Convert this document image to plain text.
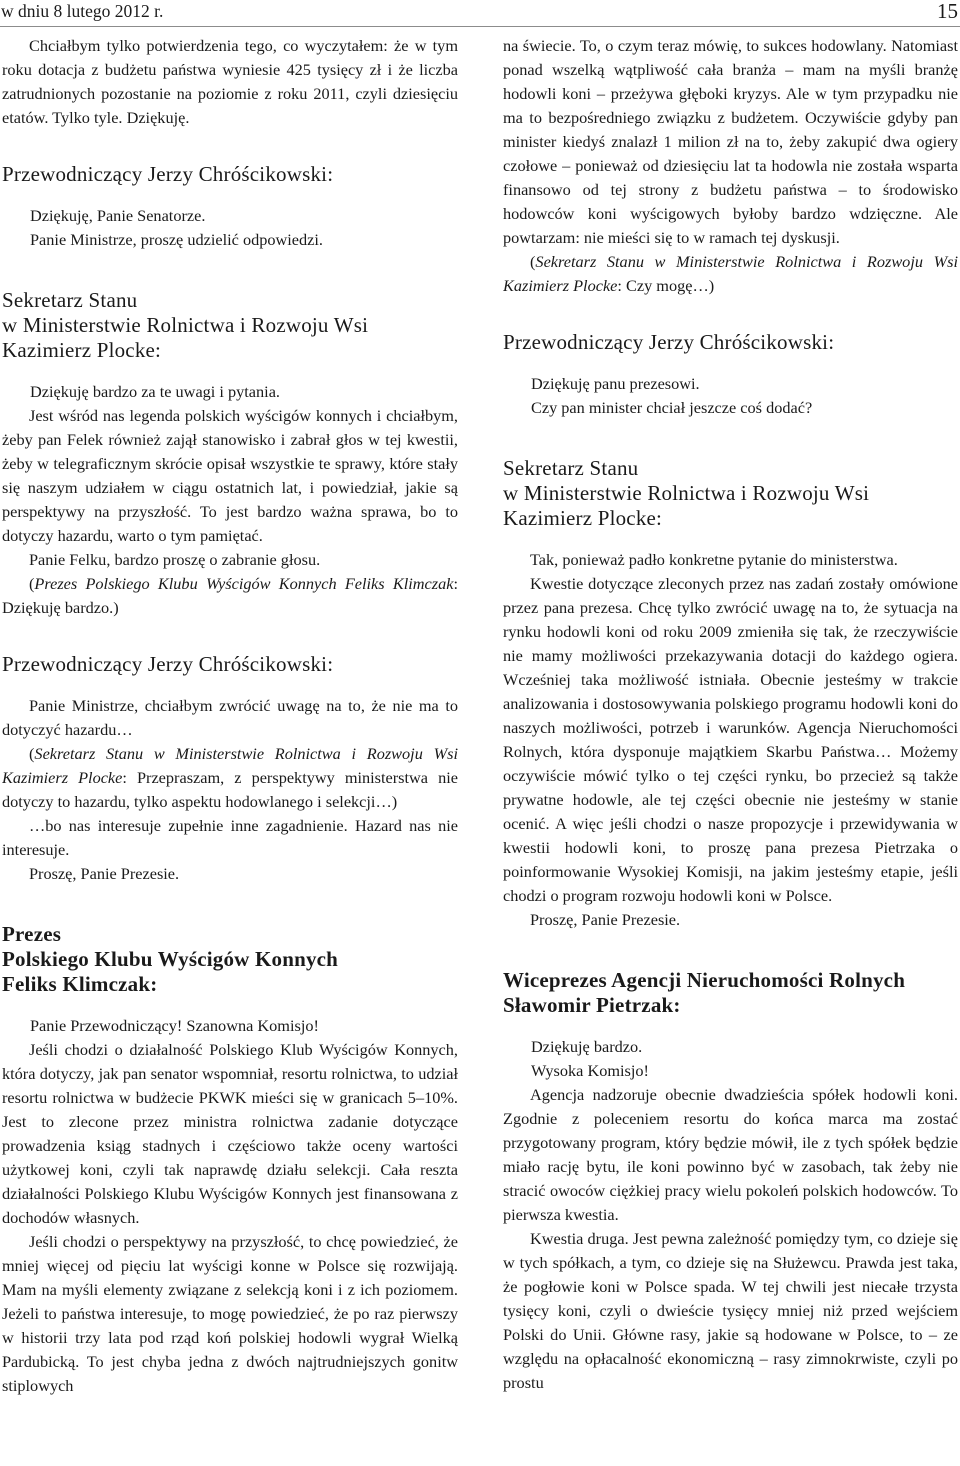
w dniu 8 lutego 2012 r.	15

Chciałbym tylko potwierdzenia tego, co wyczytałem: że w tym roku dotacja z budżetu państwa wyniesie 425 tysięcy zł i że liczba zatrudnionych pozostanie na poziomie z roku 2011, czyli dziesięciu etatów. Tylko tyle. Dziękuję.

Przewodniczący Jerzy Chróścikowski:

Dziękuję, Panie Senatorze.

Panie Ministrze, proszę udzielić odpowiedzi.

Sekretarz Stanu

w Ministerstwie Rolnictwa i Rozwoju Wsi

Kazimierz Plocke:

Dziękuję bardzo za te uwagi i pytania.

Jest wśród nas legenda polskich wyścigów konnych i chciałbym, żeby pan Felek również zajął stanowisko i zabrał głos w tej kwestii, żeby w telegraficznym skrócie opisał wszystkie te sprawy, które stały się naszym udziałem w ciągu ostatnich lat, i powiedział, jakie są perspektywy na przyszłość. To jest bardzo ważna sprawa, bo to dotyczy hazardu, warto o tym pamiętać.

Panie Felku, bardzo proszę o zabranie głosu.

(Prezes Polskiego Klubu Wyścigów Konnych Feliks Klimczak: Dziękuję bardzo.)

Przewodniczący Jerzy Chróścikowski:

Panie Ministrze, chciałbym zwrócić uwagę na to, że nie ma to dotyczyć hazardu…

(Sekretarz Stanu w Ministerstwie Rolnictwa i Rozwoju Wsi Kazimierz Plocke: Przepraszam, z perspektywy ministerstwa nie dotyczy to hazardu, tylko aspektu hodowlanego i selekcji…)

…bo nas interesuje zupełnie inne zagadnienie. Hazard nas nie interesuje.

Proszę, Panie Prezesie.

Prezes

Polskiego Klubu Wyścigów Konnych

Feliks Klimczak:

Panie Przewodniczący! Szanowna Komisjo!

Jeśli chodzi o działalność Polskiego Klub Wyścigów Konnych, która dotyczy, jak pan senator wspomniał, resortu rolnictwa, to udział resortu rolnictwa w budżecie PKWK mieści się w granicach 5–10%. Jest to zlecone przez ministra rolnictwa zadanie dotyczące prowadzenia ksiąg stadnych i częściowo także oceny wartości użytkowej koni, czyli tak naprawdę działu selekcji. Cała reszta działalności Polskiego Klubu Wyścigów Konnych jest finansowana z dochodów własnych.

Jeśli chodzi o perspektywy na przyszłość, to chcę powiedzieć, że mniej więcej od pięciu lat wyścigi konne w Polsce się rozwijają. Mam na myśli elementy związane z selekcją koni i z ich poziomem. Jeżeli to państwa interesuje, to mogę powiedzieć, że po raz pierwszy w historii trzy lata pod rząd koń polskiej hodowli wygrał Wielką Pardubicką. To jest chyba jedna z dwóch najtrudniejszych gonitw stiplowych

na świecie. To, o czym teraz mówię, to sukces hodowlany. Natomiast ponad wszelką wątpliwość cała branża – mam na myśli branżę hodowli koni – przeżywa głęboki kryzys. Ale w tym przypadku nie ma to bezpośredniego związku z budżetem. Oczywiście gdyby pan minister kiedyś znalazł 1 milion zł na to, żeby zakupić dwa ogiery czołowe – ponieważ od dziesięciu lat ta hodowla nie została wsparta finansowo od tej strony z budżetu państwa – to środowisko hodowców koni wyścigowych byłoby bardzo wdzięczne. Ale powtarzam: nie mieści się to w ramach tej dyskusji.

(Sekretarz Stanu w Ministerstwie Rolnictwa i Rozwoju Wsi Kazimierz Plocke: Czy mogę…)

Przewodniczący Jerzy Chróścikowski:

Dziękuję panu prezesowi.

Czy pan minister chciał jeszcze coś dodać?

Sekretarz Stanu

w Ministerstwie Rolnictwa i Rozwoju Wsi

Kazimierz Plocke:

Tak, ponieważ padło konkretne pytanie do ministerstwa.

Kwestie dotyczące zleconych przez nas zadań zostały omówione przez pana prezesa. Chcę tylko zwrócić uwagę na to, że sytuacja na rynku hodowli koni od roku 2009 zmieniła się tak, że rzeczywiście nie mamy możliwości przekazywania dotacji do każdego ogiera. Wcześniej taka możliwość istniała. Obecnie jesteśmy w trakcie analizowania i dostosowywania polskiego programu hodowli koni do naszych możliwości, potrzeb i warunków. Agencja Nieruchomości Rolnych, która dysponuje majątkiem Skarbu Państwa… Możemy oczywiście mówić tylko o tej części rynku, bo przecież są także prywatne hodowle, ale tej części obecnie nie jesteśmy w stanie ocenić. A więc jeśli chodzi o nasze propozycje i przewidywania w kwestii hodowli koni, to proszę pana prezesa Pietrzaka o poinformowanie Wysokiej Komisji, na jakim jesteśmy etapie, jeśli chodzi o program rozwoju hodowli koni w Polsce.

Proszę, Panie Prezesie.

Wiceprezes Agencji Nieruchomości Rolnych

Sławomir Pietrzak:

Dziękuję bardzo.

Wysoka Komisjo!

Agencja nadzoruje obecnie dwadzieścia spółek hodowli koni. Zgodnie z poleceniem resortu do końca marca ma zostać przygotowany program, który będzie mówił, ile z tych spółek będzie miało rację bytu, ile koni powinno być w zasobach, tak żeby nie stracić owoców ciężkiej pracy wielu pokoleń polskich hodowców. To pierwsza kwestia.

Kwestia druga. Jest pewna zależność pomiędzy tym, co dzieje się w tych spółkach, a tym, co dzieje się na Służewcu. Prawda jest taka, że pogłowie koni w Polsce spada. W tej chwili jest niecałe trzysta tysięcy koni, czyli o dwieście tysięcy mniej niż przed wejściem Polski do Unii. Główne rasy, jakie są hodowane w Polsce, to – ze względu na opłacalność ekonomiczną – rasy zimnokrwiste, czyli po prostu
